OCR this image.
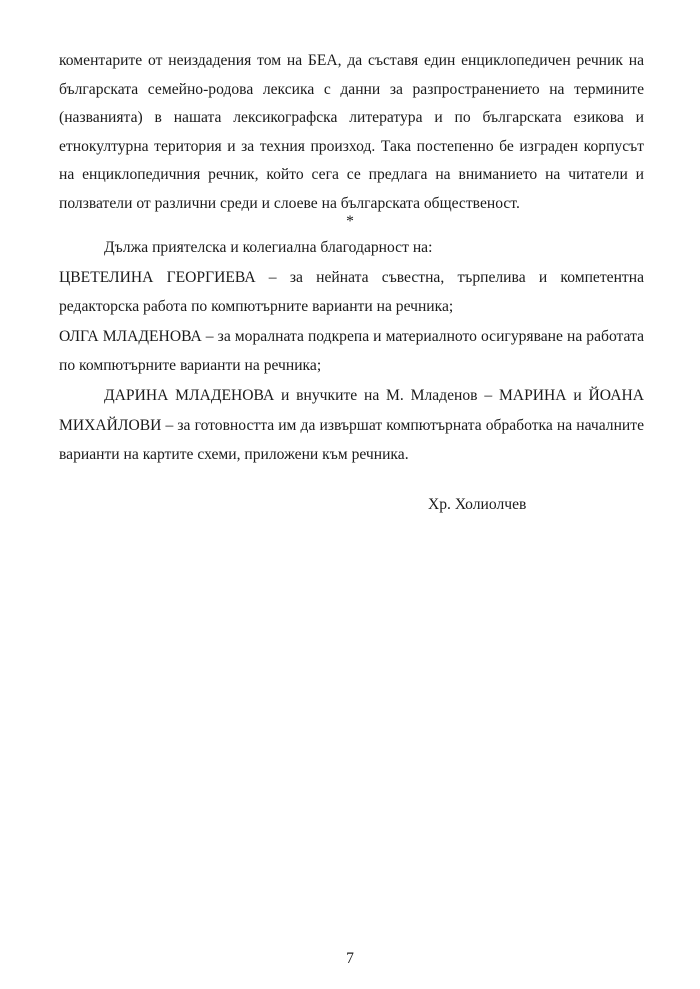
коментарите от неиздадения том на БЕА, да съставя един енциклопедичен речник на българската семейно-родова лексика с данни за разпространението на термините (названията) в нашата лексикографска литература и по българската езикова и етнокултурна територия и за техния произход. Така постепенно бе изграден корпусът на енциклопедичния речник, който сега се предлага на вниманието на читатели и ползватели от различни среди и слоеве на българската общественост.
*

Дължа приятелска и колегиална благодарност на:

ЦВЕТЕЛИНА ГЕОРГИЕВА – за нейната съвестна, търпелива и компетентна редакторска работа по компютърните варианти на речника;

ОЛГА МЛАДЕНОВА – за моралната подкрепа и материалното осигуряване на работата по компютърните варианти на речника;

ДАРИНА МЛАДЕНОВА и внучките на М. Младенов – МАРИНА и ЙОАНА МИХАЙЛОВИ – за готовността им да извършат компютърната обработка на началните варианти на картите схеми, приложени към речника.

Хр. Холиолчев
7
